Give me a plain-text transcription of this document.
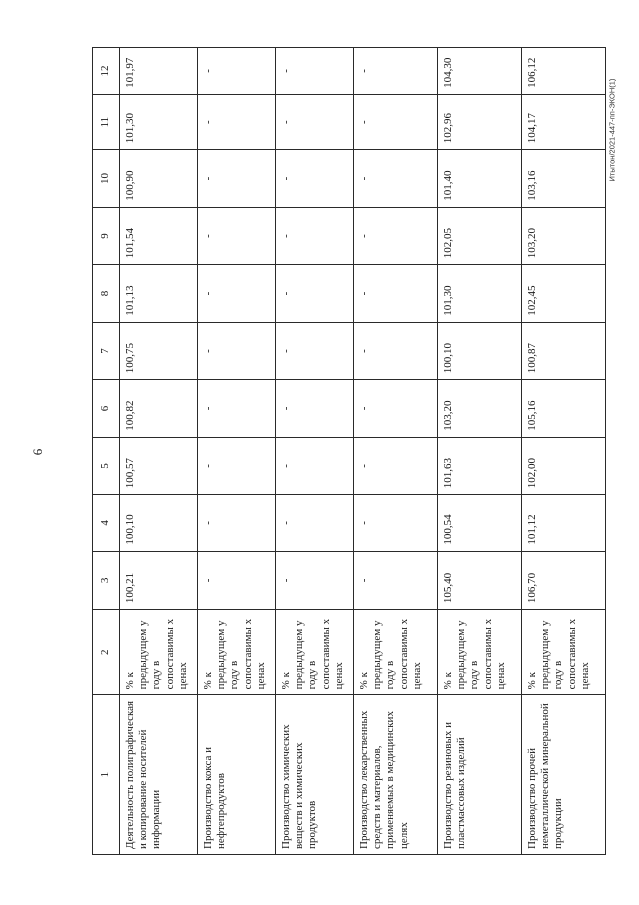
6
Итытон/2021-447-пп-ЭКОН(1)
1	2	3	4	5	6	7	8	9	10	11	12
Деятельность полиграфическая и копирование носителей информации	% к предыдущем у году в сопоставимы х ценах	100,21	100,10	100,57	100,82	100,75	101,13	101,54	100,90	101,30	101,97
Производство кокса и нефтепродуктов	% к предыдущем у году в сопоставимы х ценах	-	-	-	-	-	-	-	-	-	-
Производство химических веществ и химических продуктов	% к предыдущем у году в сопоставимы х ценах	-	-	-	-	-	-	-	-	-	-
Производство лекарственных средств и материалов, применяемых в медицинских целях	% к предыдущем у году в сопоставимы х ценах	-	-	-	-	-	-	-	-	-	-
Производство резиновых и пластмассовых изделий	% к предыдущем у году в сопоставимы х ценах	105,40	100,54	101,63	103,20	100,10	101,30	102,05	101,40	102,96	104,30
Производство прочей неметаллической минеральной продукции	% к предыдущем у году в сопоставимы х ценах	106,70	101,12	102,00	105,16	100,87	102,45	103,20	103,16	104,17	106,12
